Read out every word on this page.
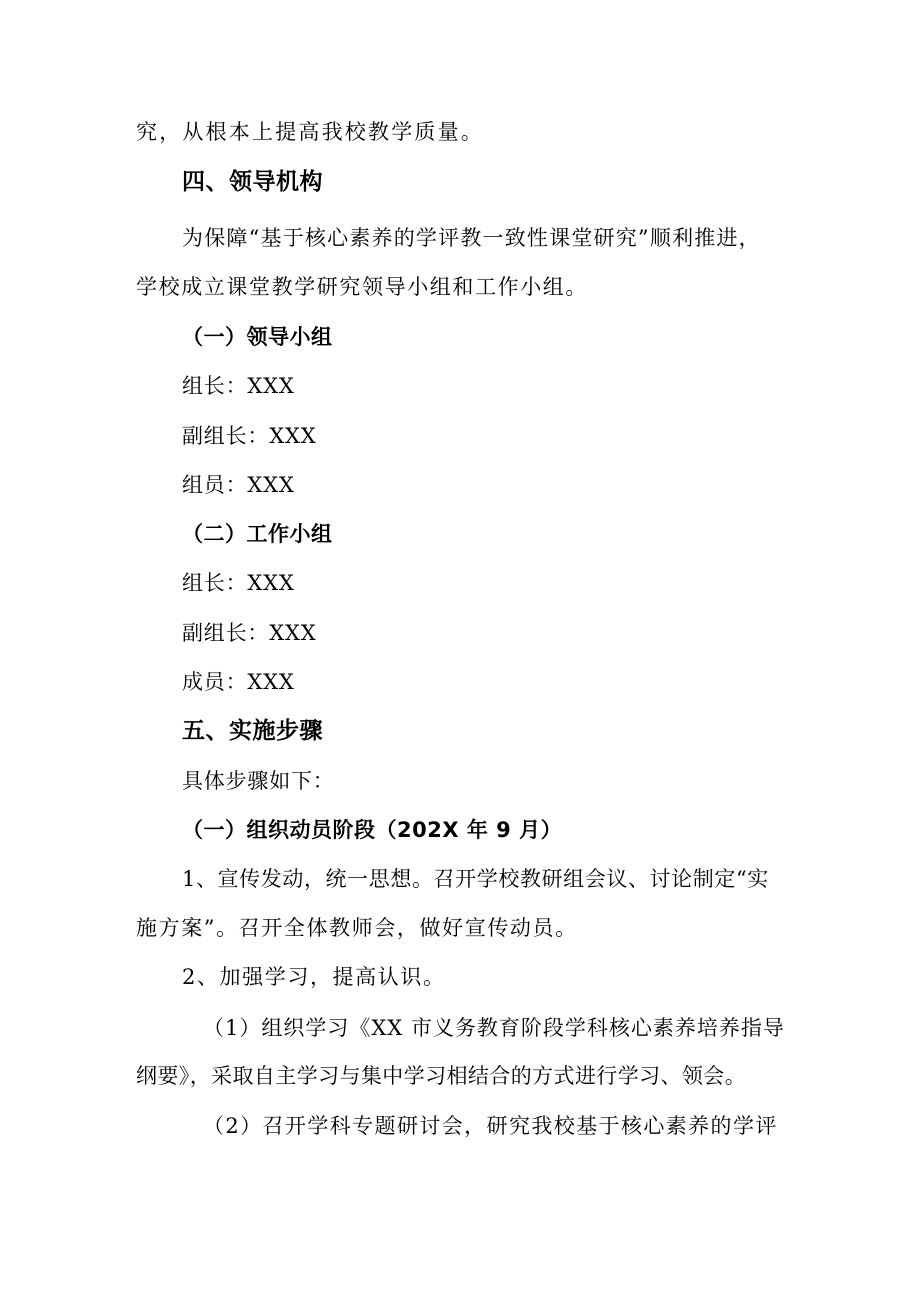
究，从根本上提高我校教学质量。
四、领导机构
为保障“基于核心素养的学评教一致性课堂研究”顺利推进，
学校成立课堂教学研究领导小组和工作小组。
（一）领导小组
组长：XXX
副组长：XXX
组员：XXX
（二）工作小组
组长：XXX
副组长：XXX
成员：XXX
五、实施步骤
具体步骤如下：
（一）组织动员阶段（202X 年 9 月）
1、宣传发动，统一思想。召开学校教研组会议、讨论制定“实
施方案”。召开全体教师会，做好宣传动员。
2、加强学习，提高认识。
（1）组织学习《XX 市义务教育阶段学科核心素养培养指导
纲要》，采取自主学习与集中学习相结合的方式进行学习、领会。
（2）召开学科专题研讨会，研究我校基于核心素养的学评
